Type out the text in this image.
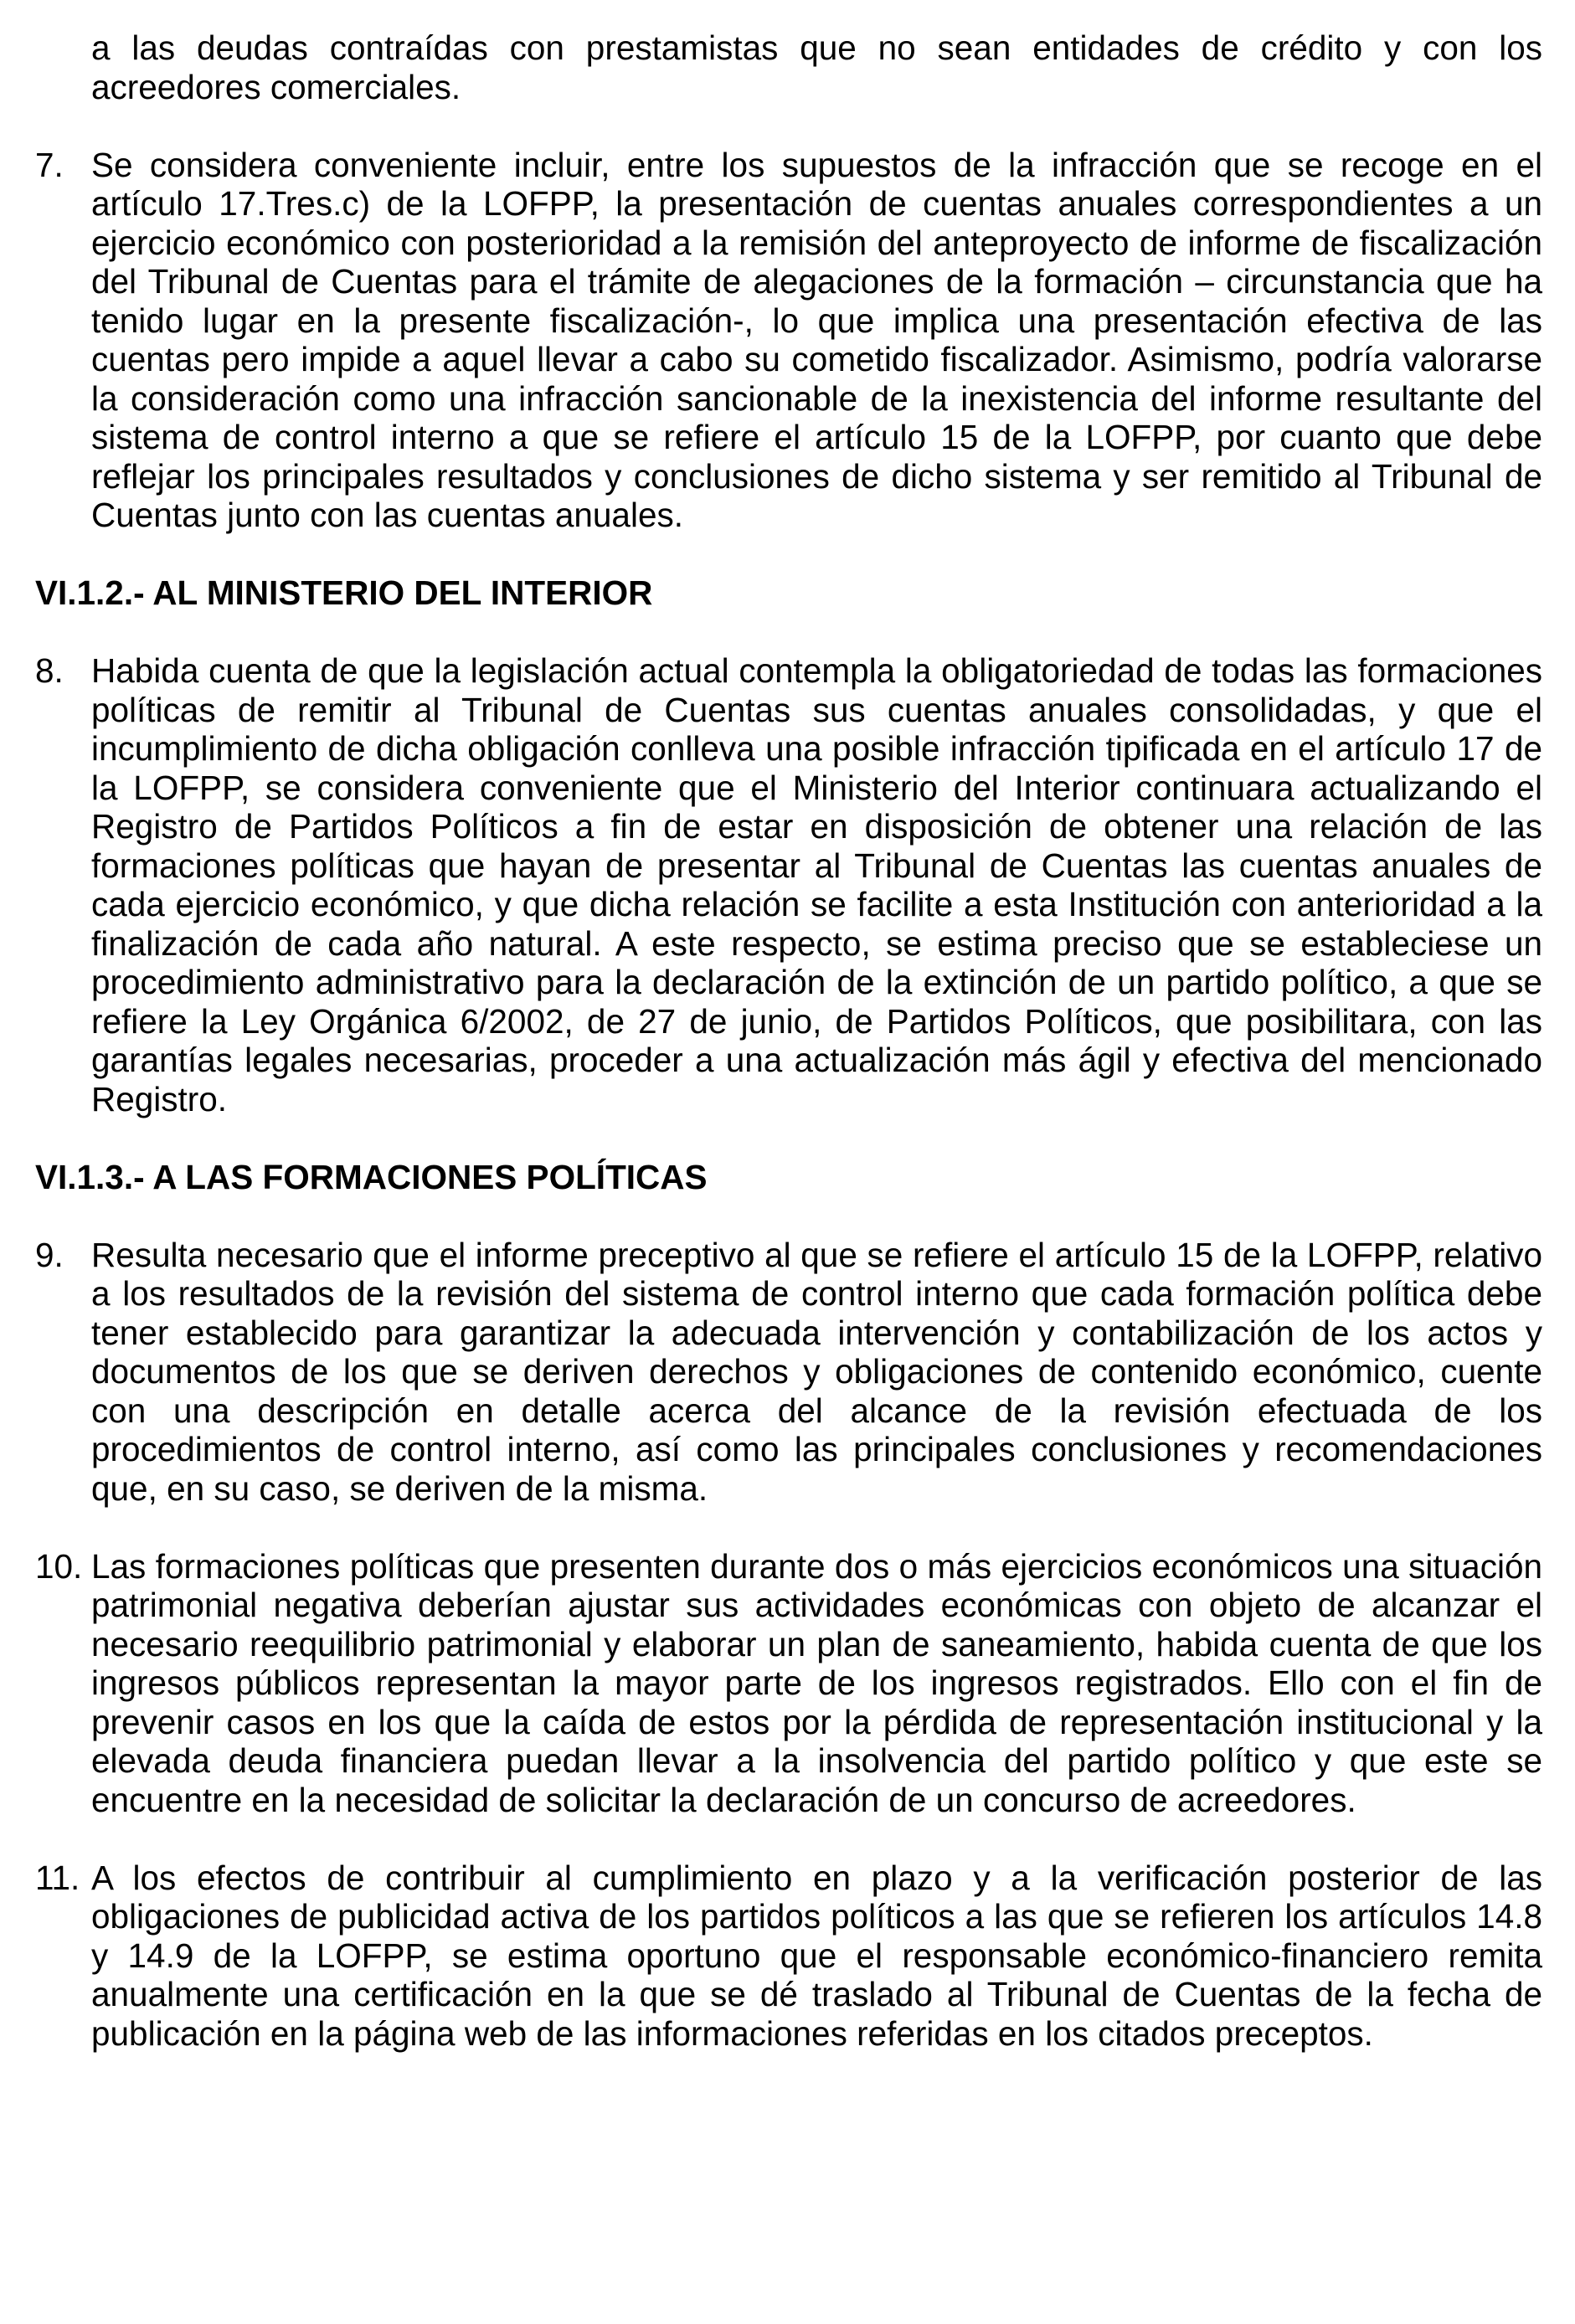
a las deudas contraídas con prestamistas que no sean entidades de crédito y con los acreedores comerciales.
7. Se considera conveniente incluir, entre los supuestos de la infracción que se recoge en el artículo 17.Tres.c) de la LOFPP, la presentación de cuentas anuales correspondientes a un ejercicio económico con posterioridad a la remisión del anteproyecto de informe de fiscalización del Tribunal de Cuentas para el trámite de alegaciones de la formación – circunstancia que ha tenido lugar en la presente fiscalización-, lo que implica una presentación efectiva de las cuentas pero impide a aquel llevar a cabo su cometido fiscalizador. Asimismo, podría valorarse la consideración como una infracción sancionable de la inexistencia del informe resultante del sistema de control interno a que se refiere el artículo 15 de la LOFPP, por cuanto que debe reflejar los principales resultados y conclusiones de dicho sistema y ser remitido al Tribunal de Cuentas junto con las cuentas anuales.
VI.1.2.- AL MINISTERIO DEL INTERIOR
8. Habida cuenta de que la legislación actual contempla la obligatoriedad de todas las formaciones políticas de remitir al Tribunal de Cuentas sus cuentas anuales consolidadas, y que el incumplimiento de dicha obligación conlleva una posible infracción tipificada en el artículo 17 de la LOFPP, se considera conveniente que el Ministerio del Interior continuara actualizando el Registro de Partidos Políticos a fin de estar en disposición de obtener una relación de las formaciones políticas que hayan de presentar al Tribunal de Cuentas las cuentas anuales de cada ejercicio económico, y que dicha relación se facilite a esta Institución con anterioridad a la finalización de cada año natural. A este respecto, se estima preciso que se estableciese un procedimiento administrativo para la declaración de la extinción de un partido político, a que se refiere la Ley Orgánica 6/2002, de 27 de junio, de Partidos Políticos, que posibilitara, con las garantías legales necesarias, proceder a una actualización más ágil y efectiva del mencionado Registro.
VI.1.3.- A LAS FORMACIONES POLÍTICAS
9. Resulta necesario que el informe preceptivo al que se refiere el artículo 15 de la LOFPP, relativo a los resultados de la revisión del sistema de control interno que cada formación política debe tener establecido para garantizar la adecuada intervención y contabilización de los actos y documentos de los que se deriven derechos y obligaciones de contenido económico, cuente con una descripción en detalle acerca del alcance de la revisión efectuada de los procedimientos de control interno, así como las principales conclusiones y recomendaciones que, en su caso, se deriven de la misma.
10. Las formaciones políticas que presenten durante dos o más ejercicios económicos una situación patrimonial negativa deberían ajustar sus actividades económicas con objeto de alcanzar el necesario reequilibrio patrimonial y elaborar un plan de saneamiento, habida cuenta de que los ingresos públicos representan la mayor parte de los ingresos registrados. Ello con el fin de prevenir casos en los que la caída de estos por la pérdida de representación institucional y la elevada deuda financiera puedan llevar a la insolvencia del partido político y que este se encuentre en la necesidad de solicitar la declaración de un concurso de acreedores.
11. A los efectos de contribuir al cumplimiento en plazo y a la verificación posterior de las obligaciones de publicidad activa de los partidos políticos a las que se refieren los artículos 14.8 y 14.9 de la LOFPP, se estima oportuno que el responsable económico-financiero remita anualmente una certificación en la que se dé traslado al Tribunal de Cuentas de la fecha de publicación en la página web de las informaciones referidas en los citados preceptos.
